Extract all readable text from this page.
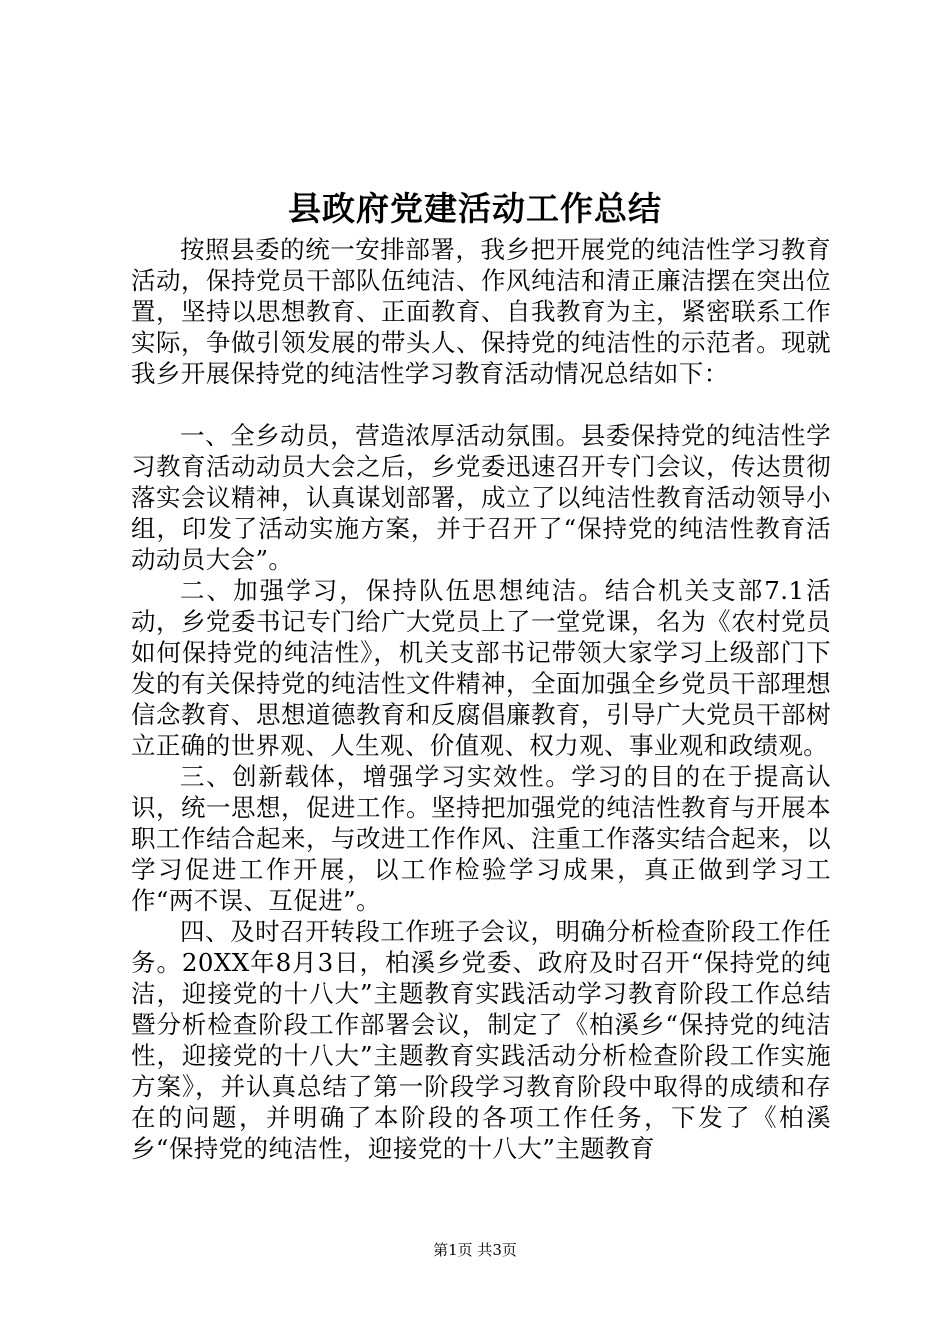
县政府党建活动工作总结

按照县委的统一安排部署，我乡把开展党的纯洁性学习教育活动，保持党员干部队伍纯洁、作风纯洁和清正廉洁摆在突出位置，坚持以思想教育、正面教育、自我教育为主，紧密联系工作实际，争做引领发展的带头人、保持党的纯洁性的示范者。现就我乡开展保持党的纯洁性学习教育活动情况总结如下：

一、全乡动员，营造浓厚活动氛围。县委保持党的纯洁性学习教育活动动员大会之后，乡党委迅速召开专门会议，传达贯彻落实会议精神，认真谋划部署，成立了以纯洁性教育活动领导小组，印发了活动实施方案，并于召开了“保持党的纯洁性教育活动动员大会”。

二、加强学习，保持队伍思想纯洁。结合机关支部7.1活动，乡党委书记专门给广大党员上了一堂党课，名为《农村党员如何保持党的纯洁性》，机关支部书记带领大家学习上级部门下发的有关保持党的纯洁性文件精神，全面加强全乡党员干部理想信念教育、思想道德教育和反腐倡廉教育，引导广大党员干部树立正确的世界观、人生观、价值观、权力观、事业观和政绩观。

三、创新载体，增强学习实效性。学习的目的在于提高认识，统一思想，促进工作。坚持把加强党的纯洁性教育与开展本职工作结合起来，与改进工作作风、注重工作落实结合起来，以学习促进工作开展，以工作检验学习成果，真正做到学习工作“两不误、互促进”。

四、及时召开转段工作班子会议，明确分析检查阶段工作任务。20XX年8月3日，柏溪乡党委、政府及时召开“保持党的纯洁，迎接党的十八大”主题教育实践活动学习教育阶段工作总结暨分析检查阶段工作部署会议，制定了《柏溪乡“保持党的纯洁性，迎接党的十八大”主题教育实践活动分析检查阶段工作实施方案》，并认真总结了第一阶段学习教育阶段中取得的成绩和存在的问题，并明确了本阶段的各项工作任务，下发了《柏溪乡“保持党的纯洁性，迎接党的十八大”主题教育

第1页 共3页
